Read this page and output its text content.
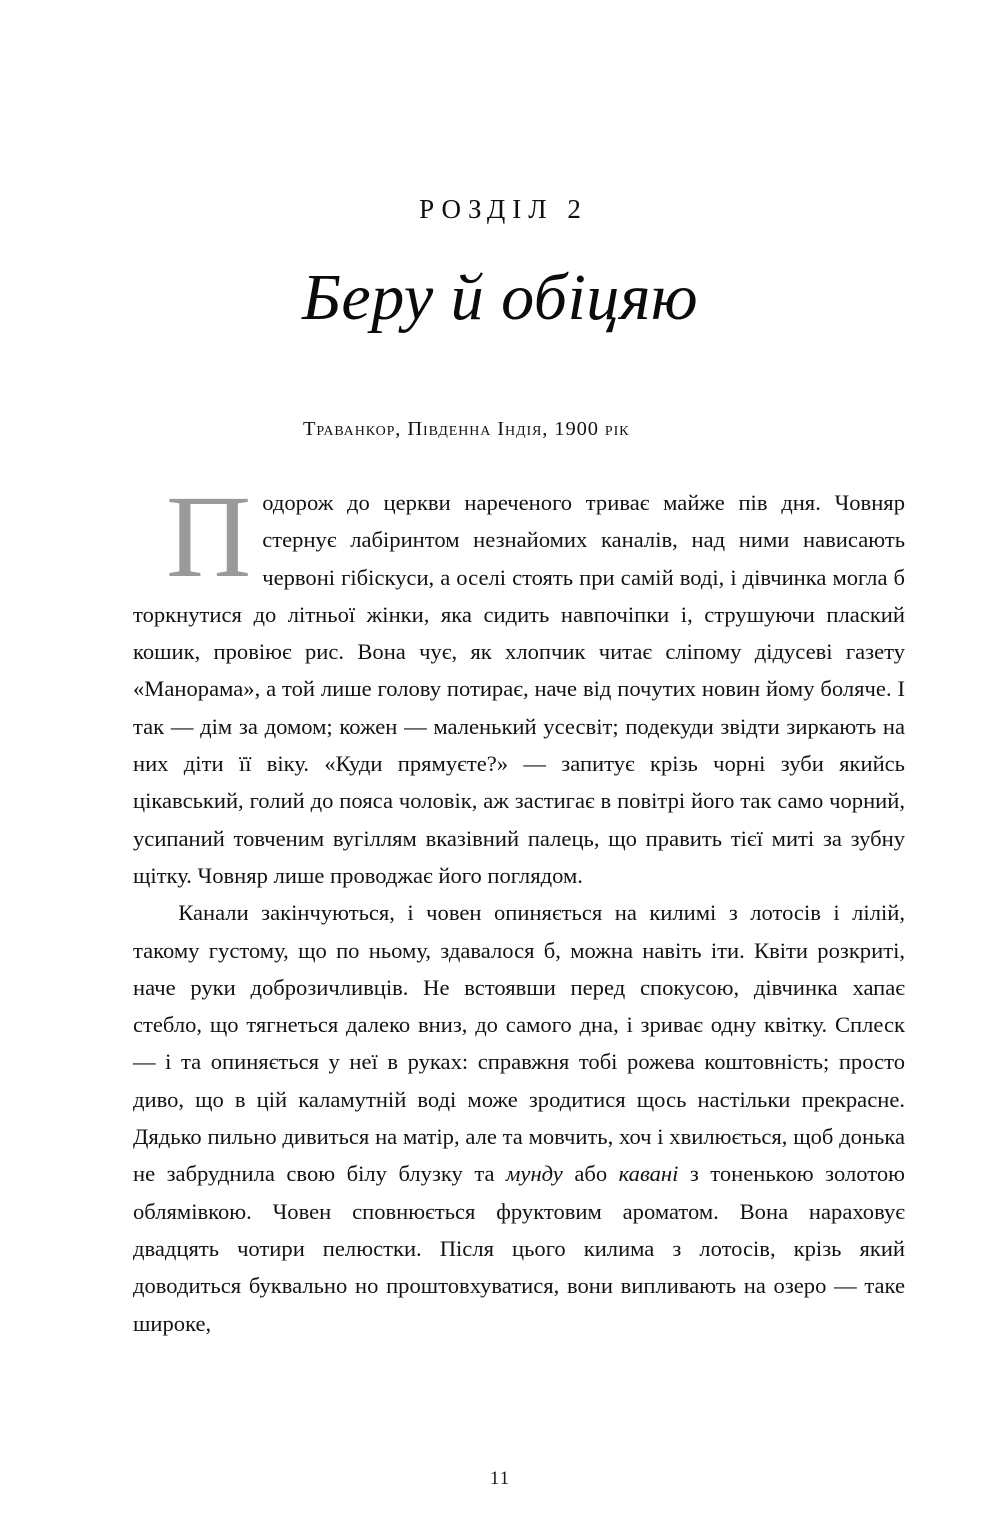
РОЗДІЛ 2
Беру й обіцяю
Траванкор, Південна Індія, 1900 рік

Подорож до церкви нареченого триває майже пів дня. Човняр стернує лабіринтом незнайомих каналів, над ними нависають червоні гібіскуси, а оселі стоять при самій воді, і дівчинка могла б торкнутися до літньої жінки, яка сидить навпочіпки і, струшуючи плаский кошик, провіює рис. Вона чує, як хлопчик читає сліпому дідусеві газету «Манорама», а той лише голову потирає, наче від почутих новин йому боляче. І так — дім за домом; кожен — маленький усесвіт; подекуди звідти зиркають на них діти її віку. «Куди прямуєте?» — запитує крізь чорні зуби якийсь цікавський, голий до пояса чоловік, аж застигає в повітрі його так само чорний, усипаний товченим вугіллям вказівний палець, що править тієї миті за зубну щітку. Човняр лише проводжає його поглядом.

Канали закінчуються, і човен опиняється на килимі з лотосів і лілій, такому густому, що по ньому, здавалося б, можна навіть іти. Квіти розкриті, наче руки доброзичливців. Не встоявши перед спокусою, дівчинка хапає стебло, що тягнеться далеко вниз, до самого дна, і зриває одну квітку. Сплеск — і та опиняється у неї в руках: справжня тобі рожева коштовність; просто диво, що в цій каламутній воді може зродитися щось настільки прекрасне. Дядько пильно дивиться на матір, але та мовчить, хоч і хвилюється, щоб донька не забруднила свою білу блузку та мунду або кавані з тоненькою золотою облямівкою. Човен сповнюється фруктовим ароматом. Вона нараховує двадцять чотири пелюстки. Після цього килима з лотосів, крізь який доводиться буквально но проштовхуватися, вони випливають на озеро — таке широке,

11
